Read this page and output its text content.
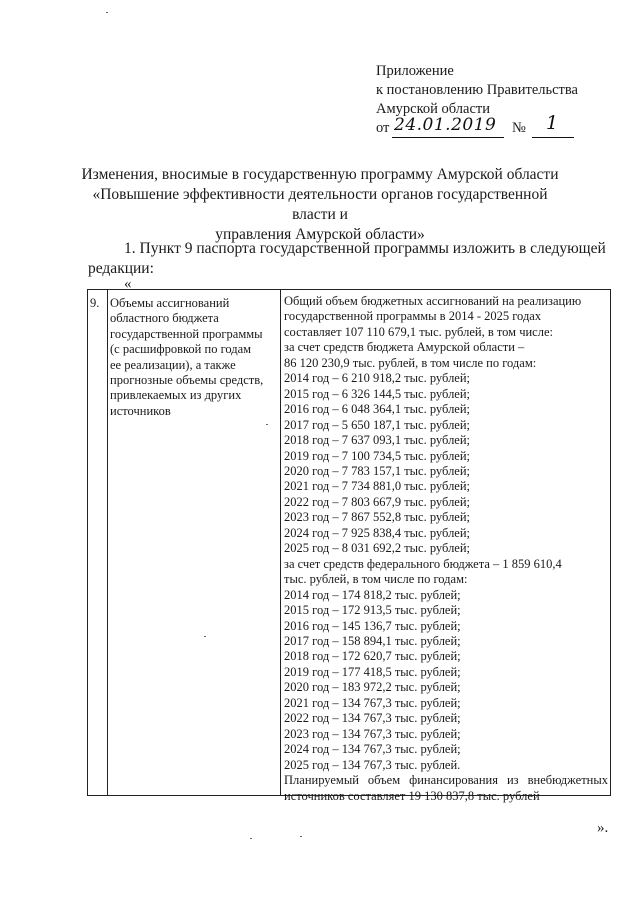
Приложение
к постановлению Правительства
Амурской области
от 24.01.2019 № 1
Изменения, вносимые в государственную программу Амурской области
«Повышение эффективности деятельности органов государственной власти и
управления Амурской области»
1. Пункт 9 паспорта государственной программы изложить в следующей
редакции:
«
9. Объемы ассигнований
областного бюджета
государственной программы
(с расшифровкой по годам
ее реализации), а также
прогнозные объемы средств,
привлекаемых из других
источников
Общий объем бюджетных ассигнований на реализацию
государственной программы в 2014 - 2025 годах
составляет 107 110 679,1 тыс. рублей, в том числе:
за счет средств бюджета Амурской области –
86 120 230,9 тыс. рублей, в том числе по годам:
2014 год – 6 210 918,2 тыс. рублей;
2015 год – 6 326 144,5 тыс. рублей;
2016 год – 6 048 364,1 тыс. рублей;
2017 год – 5 650 187,1 тыс. рублей;
2018 год – 7 637 093,1 тыс. рублей;
2019 год – 7 100 734,5 тыс. рублей;
2020 год – 7 783 157,1 тыс. рублей;
2021 год – 7 734 881,0 тыс. рублей;
2022 год – 7 803 667,9 тыс. рублей;
2023 год – 7 867 552,8 тыс. рублей;
2024 год – 7 925 838,4 тыс. рублей;
2025 год – 8 031 692,2 тыс. рублей;
за счет средств федерального бюджета – 1 859 610,4
тыс. рублей, в том числе по годам:
2014 год – 174 818,2 тыс. рублей;
2015 год – 172 913,5 тыс. рублей;
2016 год – 145 136,7 тыс. рублей;
2017 год – 158 894,1 тыс. рублей;
2018 год – 172 620,7 тыс. рублей;
2019 год – 177 418,5 тыс. рублей;
2020 год – 183 972,2 тыс. рублей;
2021 год – 134 767,3 тыс. рублей;
2022 год – 134 767,3 тыс. рублей;
2023 год – 134 767,3 тыс. рублей;
2024 год – 134 767,3 тыс. рублей;
2025 год – 134 767,3 тыс. рублей.
Планируемый объем финансирования из внебюджетных
источников составляет 19 130 837,8 тыс. рублей
».
